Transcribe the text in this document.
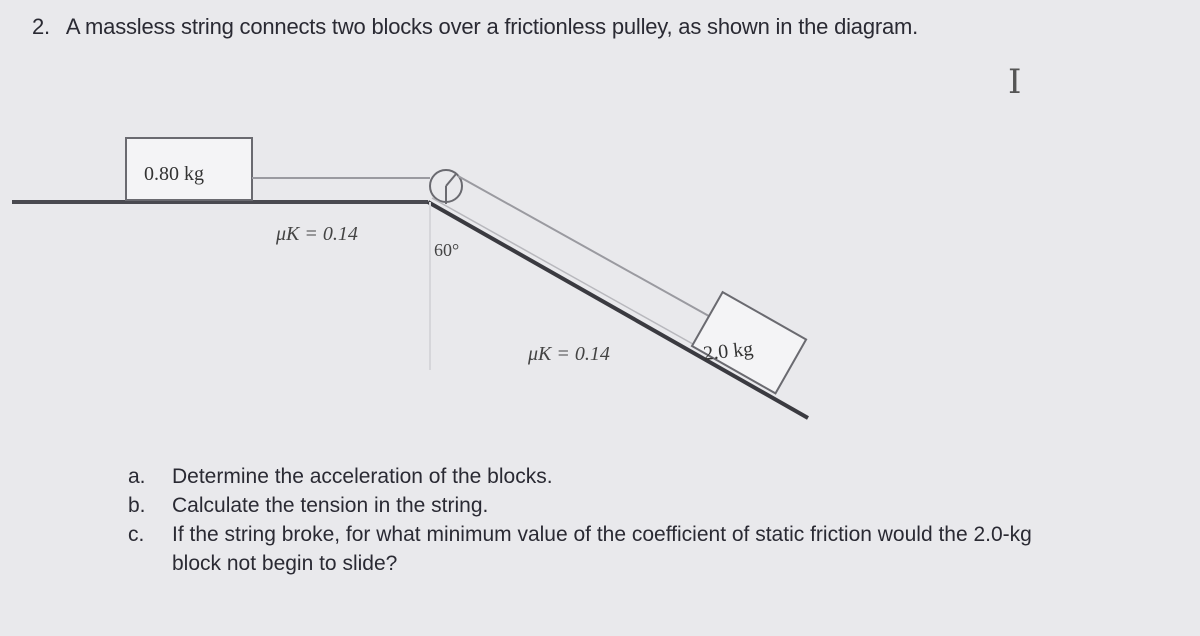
2. A massless string connects two blocks over a frictionless pulley, as shown in the diagram.
I
0.80 kg
2.0 kg
μK = 0.14
60°
μK = 0.14
a. Determine the acceleration of the blocks.
b. Calculate the tension in the string.
c. If the string broke, for what minimum value of the coefficient of static friction would the 2.0-kg
block not begin to slide?
